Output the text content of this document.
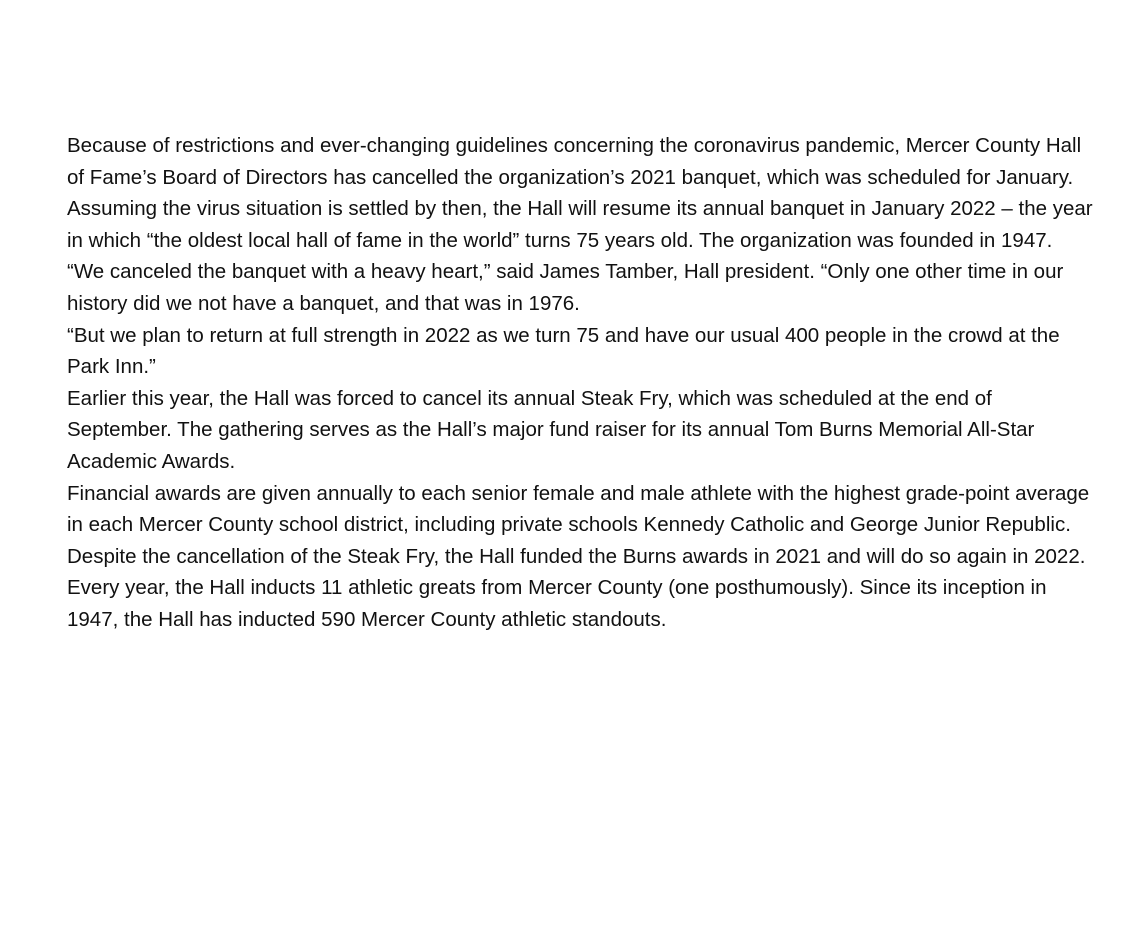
Because of restrictions and ever-changing guidelines concerning the coronavirus pandemic, Mercer County Hall of Fame’s Board of Directors has cancelled the organization’s 2021 banquet, which was scheduled for January.

Assuming the virus situation is settled by then, the Hall will resume its annual banquet in January 2022 – the year in which “the oldest local hall of fame in the world” turns 75 years old. The organization was founded in 1947.

“We canceled the banquet with a heavy heart,” said James Tamber, Hall president. “Only one other time in our history did we not have a banquet, and that was in 1976.

“But we plan to return at full strength in 2022 as we turn 75 and have our usual 400 people in the crowd at the Park Inn.”

Earlier this year, the Hall was forced to cancel its annual Steak Fry, which was scheduled at the end of September. The gathering serves as the Hall’s major fund raiser for its annual Tom Burns Memorial All-Star Academic Awards.

Financial awards are given annually to each senior female and male athlete with the highest grade-point average in each Mercer County school district, including private schools Kennedy Catholic and George Junior Republic.

Despite the cancellation of the Steak Fry, the Hall funded the Burns awards in 2021 and will do so again in 2022.

Every year, the Hall inducts 11 athletic greats from Mercer County (one posthumously). Since its inception in 1947, the Hall has inducted 590 Mercer County athletic standouts.
